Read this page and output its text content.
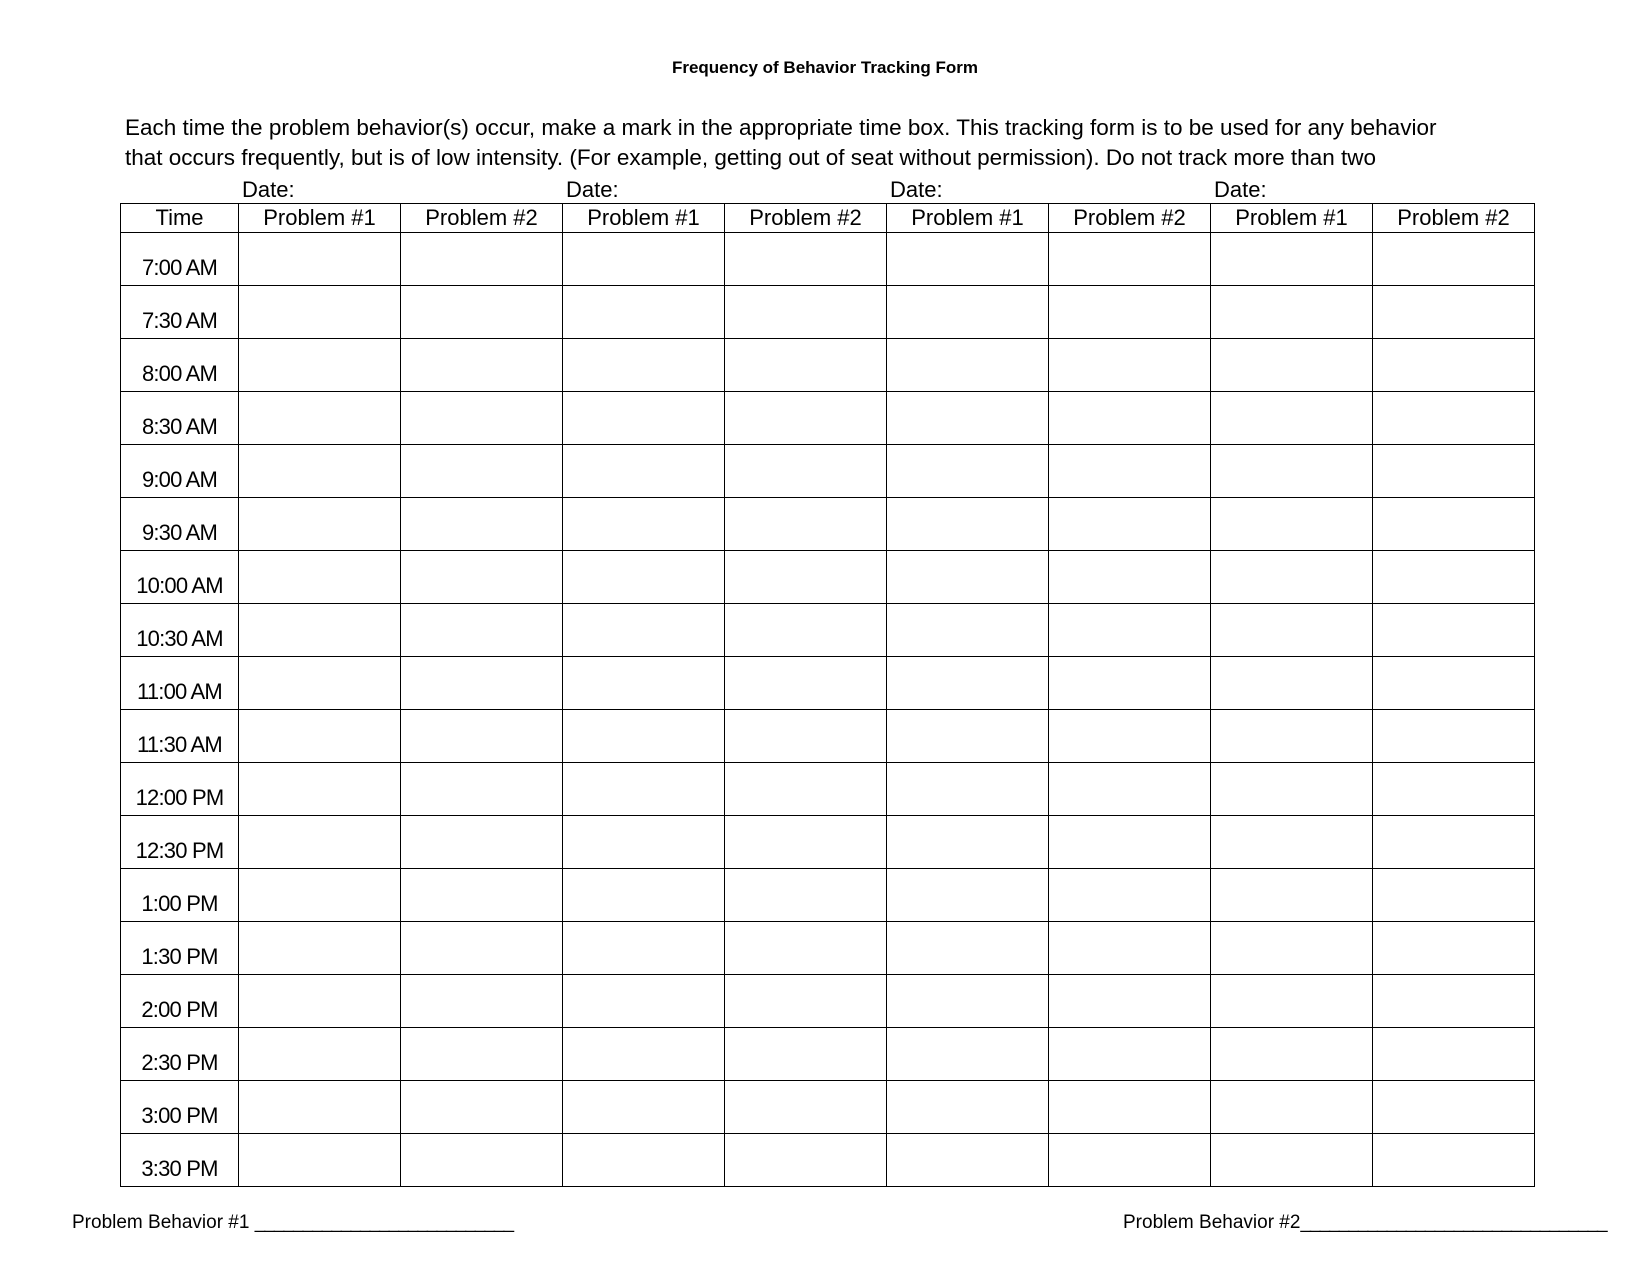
Frequency of Behavior Tracking Form
Each time the problem behavior(s) occur, make a mark in the appropriate time box. This tracking form is to be used for any behavior
that occurs frequently, but is of low intensity. (For example, getting out of seat without permission). Do not track more than two
Date:	Date:	Date:	Date:
Time	Problem #1	Problem #2	Problem #1	Problem #2	Problem #1	Problem #2	Problem #1	Problem #2
7:00 AM								
7:30 AM								
8:00 AM								
8:30 AM								
9:00 AM								
9:30 AM								
10:00 AM								
10:30 AM								
11:00 AM								
11:30 AM								
12:00 PM								
12:30 PM								
1:00 PM								
1:30 PM								
2:00 PM								
2:30 PM								
3:00 PM								
3:30 PM								
Problem Behavior #1 ___________________________	Problem Behavior #2________________________________
